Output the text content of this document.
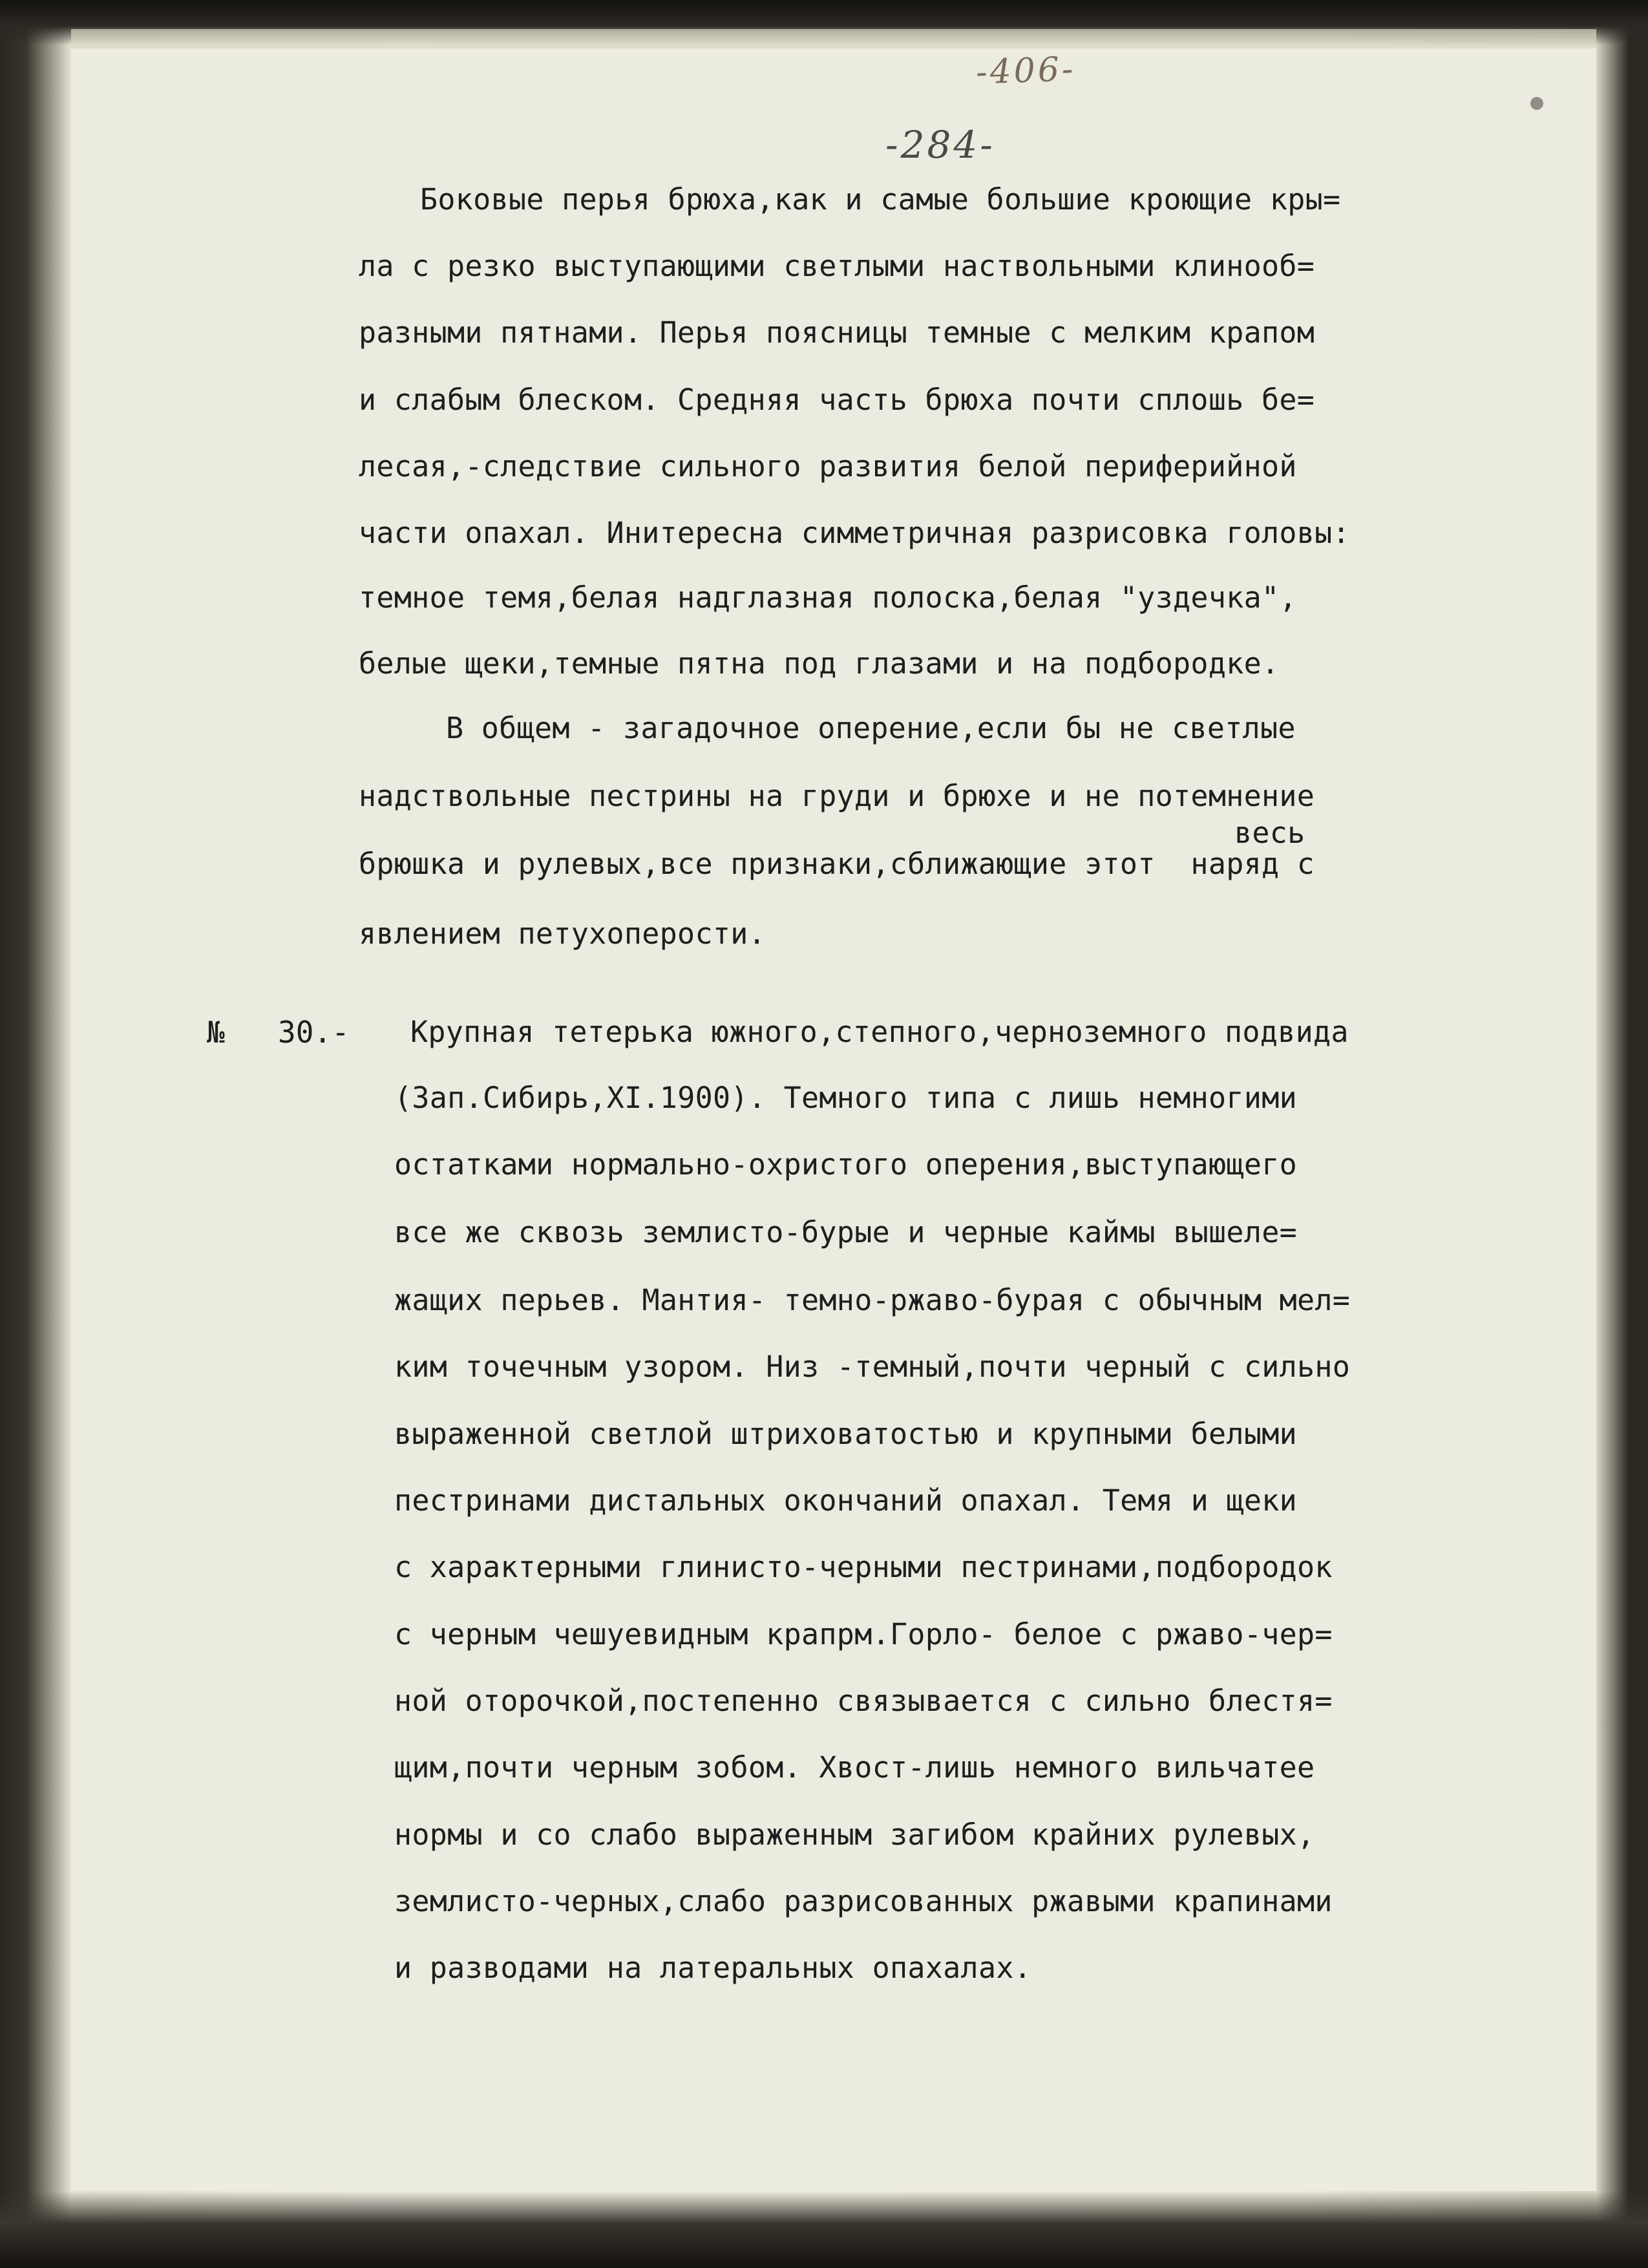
-406-
-284-
Боковые перья брюха,как и самые большие кроющие кры=
ла с резко выступающими светлыми наствольными клинооб=
разными пятнами. Перья поясницы темные с мелким крапом
и слабым блеском. Средняя часть брюха почти сплошь бе=
лесая,-следствие сильного развития белой периферийной
части опахал. Инитересна симметричная разрисовка головы:
темное темя,белая надглазная полоска,белая "уздечка",
белые щеки,темные пятна под глазами и на подбородке.
В общем - загадочное оперение,если бы не светлые
надствольные пестрины на груди и брюхе и не потемнение
весь
брюшка и рулевых,все признаки,сближающие этот  наряд с
явлением петухоперости.
№ 30.- Крупная тетерька южного,степного,черноземного подвида
(Зап.Сибирь,XI.1900). Темного типа с лишь немногими
остатками нормально-охристого оперения,выступающего
все же сквозь землисто-бурые и черные каймы вышеле=
жащих перьев. Мантия- темно-ржаво-бурая с обычным мел=
ким точечным узором. Низ -темный,почти черный с сильно
выраженной светлой штриховатостью и крупными белыми
пестринами дистальных окончаний опахал. Темя и щеки
с характерными глинисто-черными пестринами,подбородок
с черным чешуевидным крапрм.Горло- белое с ржаво-чер=
ной оторочкой,постепенно связывается с сильно блестя=
щим,почти черным зобом. Хвост-лишь немного вильчатее
нормы и со слабо выраженным загибом крайних рулевых,
землисто-черных,слабо разрисованных ржавыми крапинами
и разводами на латеральных опахалах.
